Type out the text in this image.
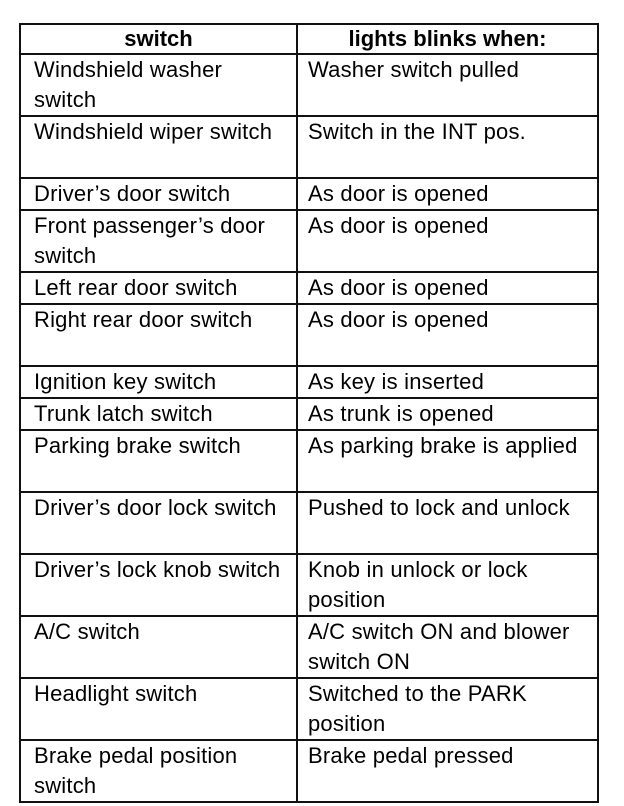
switch	lights blinks when:
Windshield washer switch	Washer switch pulled
Windshield wiper switch	Switch in the INT pos.
Driver’s door switch	As door is opened
Front passenger’s door switch	As door is opened
Left rear door switch	As door is opened
Right rear door switch	As door is opened
Ignition key switch	As key is inserted
Trunk latch switch	As trunk is opened
Parking brake switch	As parking brake is applied
Driver’s door lock switch	Pushed to lock and unlock
Driver’s lock knob switch	Knob in unlock or lock position
A/C switch	A/C switch ON and blower switch ON
Headlight switch	Switched to the PARK position
Brake pedal position switch	Brake pedal pressed
